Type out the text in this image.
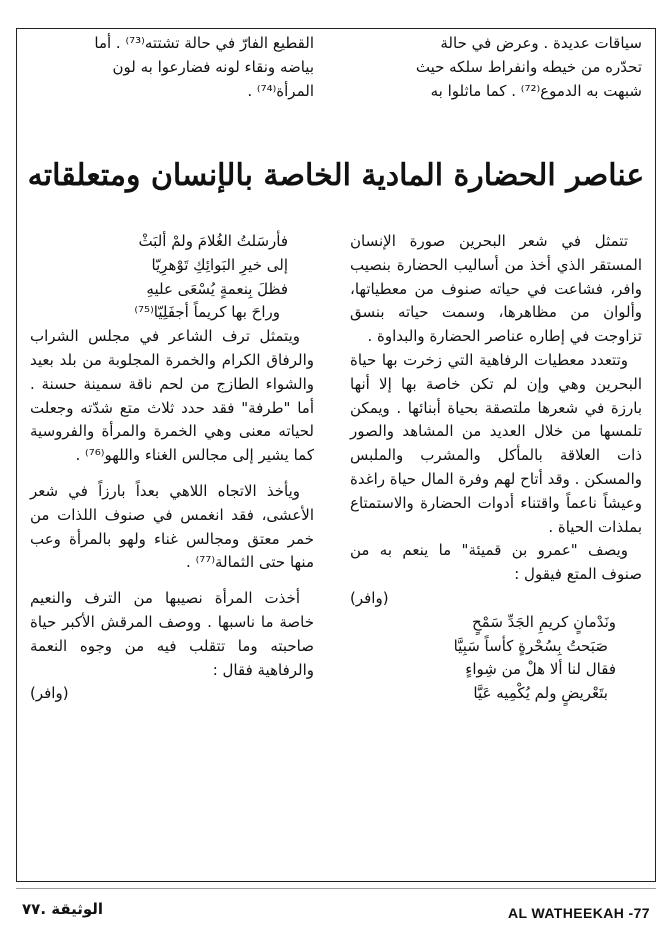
سياقات عديدة . وعرض في حالة

تحدّره من خيطه وانفراط سلكه حيث

شبهت به الدموع⁽⁷²⁾ . كما ماثلوا به

القطيع الفارّ في حالة تشتته⁽⁷³⁾ . أما

بياضه ونقاء لونه فضارعوا به لون

المرأة⁽⁷⁴⁾ .

عناصر الحضارة المادية الخاصة بالإنسان ومتعلقاته

تتمثل في شعر البحرين صورة الإنسان المستقر الذي أخذ من أساليب الحضارة بنصيب وافر، فشاعت في حياته صنوف من معطياتها، وألوان من مظاهرها، وسمت حياته بنسق تزاوجت في إطاره عناصر الحضارة والبداوة .

وتتعدد معطيات الرفاهية التي زخرت بها حياة البحرين وهي وإن لم تكن خاصة بها إلا أنها بارزة في شعرها ملتصقة بحياة أبنائها . ويمكن تلمسها من خلال العديد من المشاهد والصور ذات العلاقة بالمأكل والمشرب والملبس والمسكن . وقد أتاح لهم وفرة المال حياة راغدة وعيشاً ناعماً واقتناء أدوات الحضارة والاستمتاع بملذات الحياة .

ويصف "عمرو بن قميئة" ما ينعم به من صنوف المتع فيقول :

(وافر)

ونَدْمانٍ كريمِ الجَدِّ سَمْحٍ

صَبَحتُ بِسُحْرةٍ كأساً سَبِيَّا

فقال لنا ألا هلْ من شِواءٍ

بتَعْريضٍ ولم يُكْمِيه عَيَّا

فأرسَلتُ الغُلامَ ولمْ ألبَثْ

إلى خيرِ البَوائِكِ تَوْهرِيّا

فظلَ بِنعمةٍ يُسْعَى عليهِ

وراحَ بها كريماً أجفَلِيّا⁽⁷⁵⁾

ويتمثل ترف الشاعر في مجلس الشراب والرفاق الكرام والخمرة المجلوبة من بلد بعيد والشواء الطازج من لحم ناقة سمينة حسنة . أما "طرفة" فقد حدد ثلاث متع شدّته وجعلت لحياته معنى وهي الخمرة والمرأة والفروسية كما يشير إلى مجالس الغناء واللهو⁽⁷⁶⁾ .

ويأخذ الاتجاه اللاهي بعداً بارزاً في شعر الأعشى، فقد انغمس في صنوف اللذات من خمر معتق ومجالس غناء ولهو بالمرأة وعب منها حتى الثمالة⁽⁷⁷⁾ .

أخذت المرأة نصيبها من الترف والنعيم خاصة ما ناسبها . ووصف المرقش الأكبر حياة صاحبته وما تتقلب فيه من وجوه النعمة والرفاهية فقال :

(وافر)

الوثيقة .٧٧	AL WATHEEKAH -77
